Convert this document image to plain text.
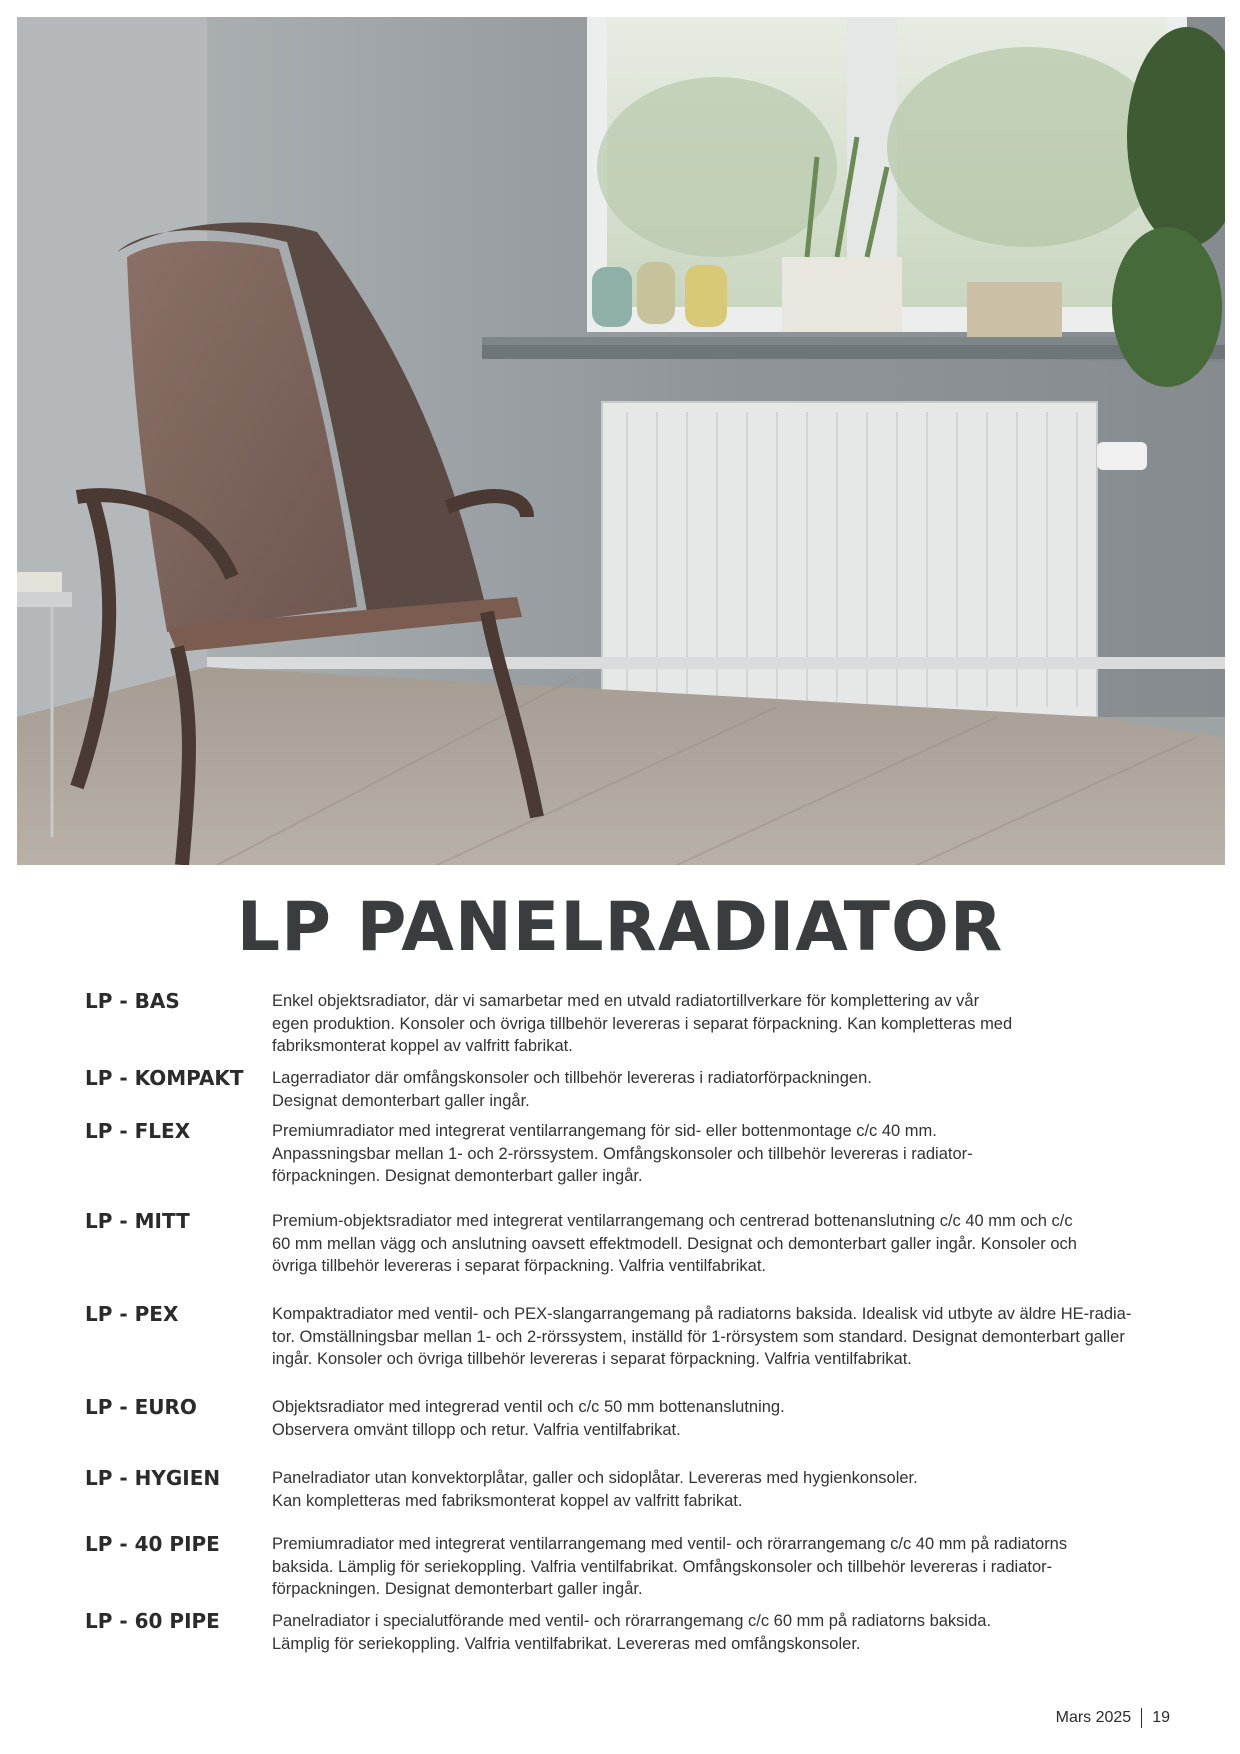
LP PANELRADIATOR

LP - BAS	Enkel objektsradiator, där vi samarbetar med en utvald radiatortillverkare för komplettering av vår
egen produktion. Konsoler och övriga tillbehör levereras i separat förpackning. Kan kompletteras med
fabriksmonterat koppel av valfritt fabrikat.

LP - KOMPAKT	Lagerradiator där omfångskonsoler och tillbehör levereras i radiatorförpackningen.
Designat demonterbart galler ingår.

LP - FLEX	Premiumradiator med integrerat ventilarrangemang för sid- eller bottenmontage c/c 40 mm.
Anpassningsbar mellan 1- och 2-rörssystem. Omfångskonsoler och tillbehör levereras i radiator-
förpackningen. Designat demonterbart galler ingår.

LP - MITT	Premium-objektsradiator med integrerat ventilarrangemang och centrerad bottenanslutning c/c 40 mm och c/c
60 mm mellan vägg och anslutning oavsett effektmodell. Designat och demonterbart galler ingår. Konsoler och
övriga tillbehör levereras i separat förpackning. Valfria ventilfabrikat.

LP - PEX	Kompaktradiator med ventil- och PEX-slangarrangemang på radiatorns baksida. Idealisk vid utbyte av äldre HE-radia-
tor. Omställningsbar mellan 1- och 2-rörssystem, inställd för 1-rörsystem som standard. Designat demonterbart galler
ingår. Konsoler och övriga tillbehör levereras i separat förpackning. Valfria ventilfabrikat.

LP - EURO	Objektsradiator med integrerad ventil och c/c 50 mm bottenanslutning.
Observera omvänt tillopp och retur. Valfria ventilfabrikat.

LP - HYGIEN	Panelradiator utan konvektorplåtar, galler och sidoplåtar. Levereras med hygienkonsoler.
Kan kompletteras med fabriksmonterat koppel av valfritt fabrikat.

LP - 40 PIPE	Premiumradiator med integrerat ventilarrangemang med ventil- och rörarrangemang c/c 40 mm på radiatorns
baksida. Lämplig för seriekoppling. Valfria ventilfabrikat. Omfångskonsoler och tillbehör levereras i radiator-
förpackningen. Designat demonterbart galler ingår.

LP - 60 PIPE	Panelradiator i specialutförande med ventil- och rörarrangemang c/c 60 mm på radiatorns baksida.
Lämplig för seriekoppling. Valfria ventilfabrikat. Levereras med omfångskonsoler.

Mars 2025 19
